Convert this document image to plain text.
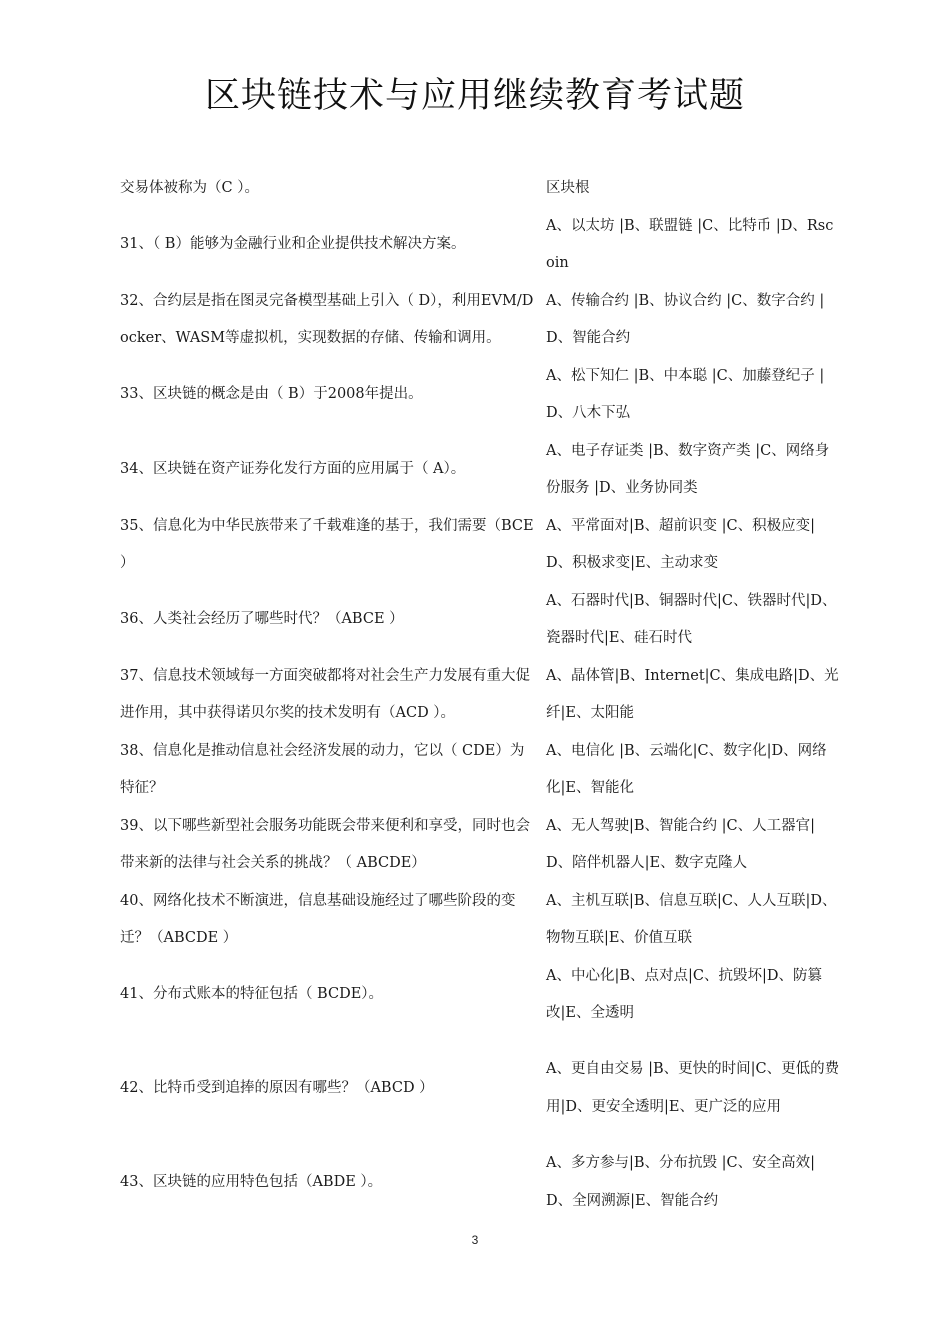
区块链技术与应用继续教育考试题
交易体被称为（C ）。	区块根
31、（ B）能够为金融行业和企业提供技术解决方案。
A、以太坊 |B、联盟链 |C、比特币 |D、Rscoin
32、合约层是指在图灵完备模型基础上引入（ D），利用EVM/Docker、WASM等虚拟机，实现数据的存储、传输和调用。
A、传输合约 |B、协议合约 |C、数字合约 |D、智能合约
33、区块链的概念是由（ B）于2008年提出。
A、松下知仁 |B、中本聪 |C、加藤登纪子 |D、八木下弘
34、区块链在资产证券化发行方面的应用属于（ A）。
A、电子存证类 |B、数字资产类 |C、网络身份服务 |D、业务协同类
35、信息化为中华民族带来了千载难逢的基于，我们需要（BCE ）
A、平常面对|B、超前识变 |C、积极应变|D、积极求变|E、主动求变
36、人类社会经历了哪些时代？（ABCE ）
A、石器时代|B、铜器时代|C、铁器时代|D、瓷器时代|E、硅石时代
37、信息技术领域每一方面突破都将对社会生产力发展有重大促进作用，其中获得诺贝尔奖的技术发明有（ACD ）。
A、晶体管|B、Internet|C、集成电路|D、光纤|E、太阳能
38、信息化是推动信息社会经济发展的动力，它以（ CDE）为特征？
A、电信化 |B、云端化|C、数字化|D、网络化|E、智能化
39、以下哪些新型社会服务功能既会带来便利和享受，同时也会带来新的法律与社会关系的挑战？（ ABCDE）
A、无人驾驶|B、智能合约 |C、人工器官|D、陪伴机器人|E、数字克隆人
40、网络化技术不断演进，信息基础设施经过了哪些阶段的变迁？（ABCDE ）
A、主机互联|B、信息互联|C、人人互联|D、物物互联|E、价值互联
41、分布式账本的特征包括（ BCDE）。
A、中心化|B、点对点|C、抗毁坏|D、防篡改|E、全透明
42、比特币受到追捧的原因有哪些？（ABCD ）
A、更自由交易 |B、更快的时间|C、更低的费用|D、更安全透明|E、更广泛的应用
43、区块链的应用特色包括（ABDE ）。
A、多方参与|B、分布抗毁 |C、安全高效|D、全网溯源|E、智能合约
3
